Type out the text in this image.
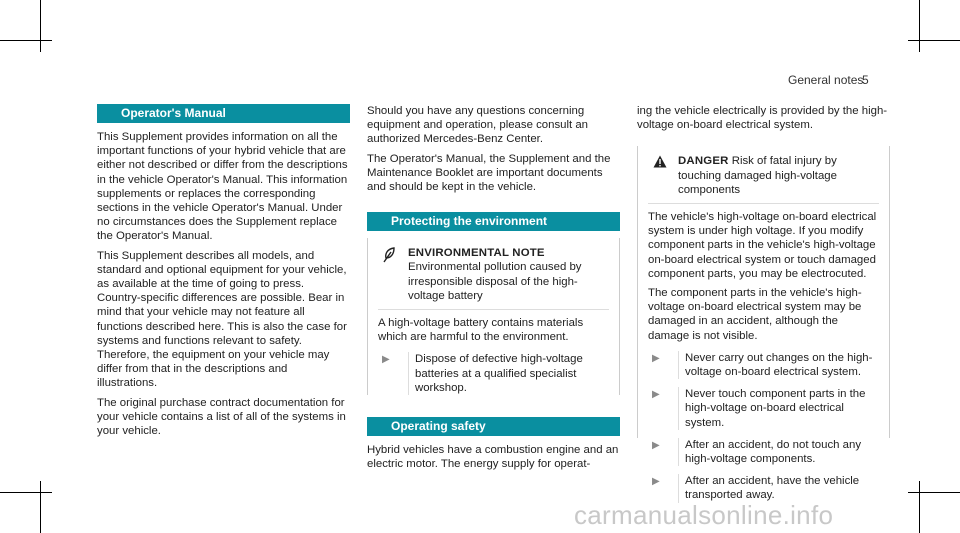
General notes
5
Operator's Manual

This Supplement provides information on all the important functions of your hybrid vehicle that are either not described or differ from the descriptions in the vehicle Operator's Manual. This information supplements or replaces the corresponding sections in the vehicle Operator's Manual. Under no circumstances does the Supplement replace the Operator's Manual.

This Supplement describes all models, and standard and optional equipment for your vehicle, as available at the time of going to press. Country-specific differences are possible. Bear in mind that your vehicle may not feature all functions described here. This is also the case for systems and functions relevant to safety. Therefore, the equipment on your vehicle may differ from that in the descriptions and illustrations.

The original purchase contract documentation for your vehicle contains a list of all of the systems in your vehicle.

Should you have any questions concerning equipment and operation, please consult an authorized Mercedes-Benz Center.

The Operator's Manual, the Supplement and the Maintenance Booklet are important documents and should be kept in the vehicle.

Protecting the environment
ENVIRONMENTAL NOTE Environmental pollution caused by irresponsible disposal of the high-voltage battery

A high-voltage battery contains materials which are harmful to the environment.

▶	Dispose of defective high-voltage batteries at a qualified specialist workshop.
Operating safety

Hybrid vehicles have a combustion engine and an electric motor. The energy supply for operat-

ing the vehicle electrically is provided by the high-voltage on-board electrical system.

DANGER Risk of fatal injury by touching damaged high-voltage components

The vehicle's high-voltage on-board electrical system is under high voltage. If you modify component parts in the vehicle's high-voltage on-board electrical system or touch damaged component parts, you may be electrocuted.

The component parts in the vehicle's high-voltage on-board electrical system may be damaged in an accident, although the damage is not visible.

▶	Never carry out changes on the high-voltage on-board electrical system.
▶	Never touch component parts in the high-voltage on-board electrical system.
▶	After an accident, do not touch any high-voltage components.
▶	After an accident, have the vehicle transported away.
carmanualsonline.info
